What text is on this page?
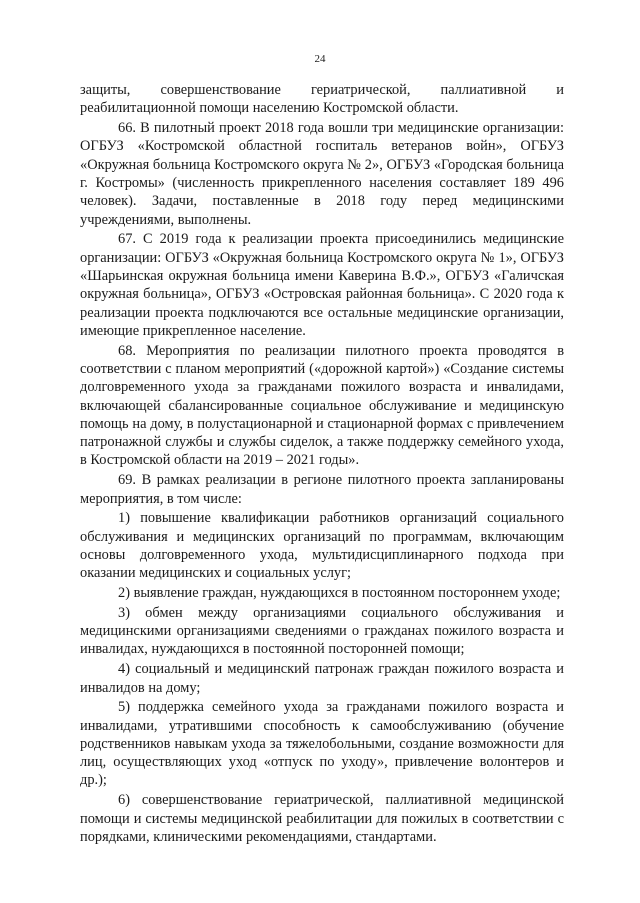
24

защиты, совершенствование гериатрической, паллиативной и реабилитационной помощи населению Костромской области.

66. В пилотный проект 2018 года вошли три медицинские организации: ОГБУЗ «Костромской областной госпиталь ветеранов войн», ОГБУЗ «Окружная больница Костромского округа № 2», ОГБУЗ «Городская больница г. Костромы» (численность прикрепленного населения составляет 189 496 человек). Задачи, поставленные в 2018 году перед медицинскими учреждениями, выполнены.

67. С 2019 года к реализации проекта присоединились медицинские организации: ОГБУЗ «Окружная больница Костромского округа № 1», ОГБУЗ «Шарьинская окружная больница имени Каверина В.Ф.», ОГБУЗ «Галичская окружная больница», ОГБУЗ «Островская районная больница». С 2020 года к реализации проекта подключаются все остальные медицинские организации, имеющие прикрепленное население.

68. Мероприятия по реализации пилотного проекта проводятся в соответствии с планом мероприятий («дорожной картой») «Создание системы долговременного ухода за гражданами пожилого возраста и инвалидами, включающей сбалансированные социальное обслуживание и медицинскую помощь на дому, в полустационарной и стационарной формах с привлечением патронажной службы и службы сиделок, а также поддержку семейного ухода, в Костромской области на 2019 – 2021 годы».

69. В рамках реализации в регионе пилотного проекта запланированы мероприятия, в том числе:

1) повышение квалификации работников организаций социального обслуживания и медицинских организаций по программам, включающим основы долговременного ухода, мультидисциплинарного подхода при оказании медицинских и социальных услуг;

2) выявление граждан, нуждающихся в постоянном постороннем уходе;

3) обмен между организациями социального обслуживания и медицинскими организациями сведениями о гражданах пожилого возраста и инвалидах, нуждающихся в постоянной посторонней помощи;

4) социальный и медицинский патронаж граждан пожилого возраста и инвалидов на дому;

5) поддержка семейного ухода за гражданами пожилого возраста и инвалидами, утратившими способность к самообслуживанию (обучение родственников навыкам ухода за тяжелобольными, создание возможности для лиц, осуществляющих уход «отпуск по уходу», привлечение волонтеров и др.);

6) совершенствование гериатрической, паллиативной медицинской помощи и системы медицинской реабилитации для пожилых в соответствии с порядками, клиническими рекомендациями, стандартами.
